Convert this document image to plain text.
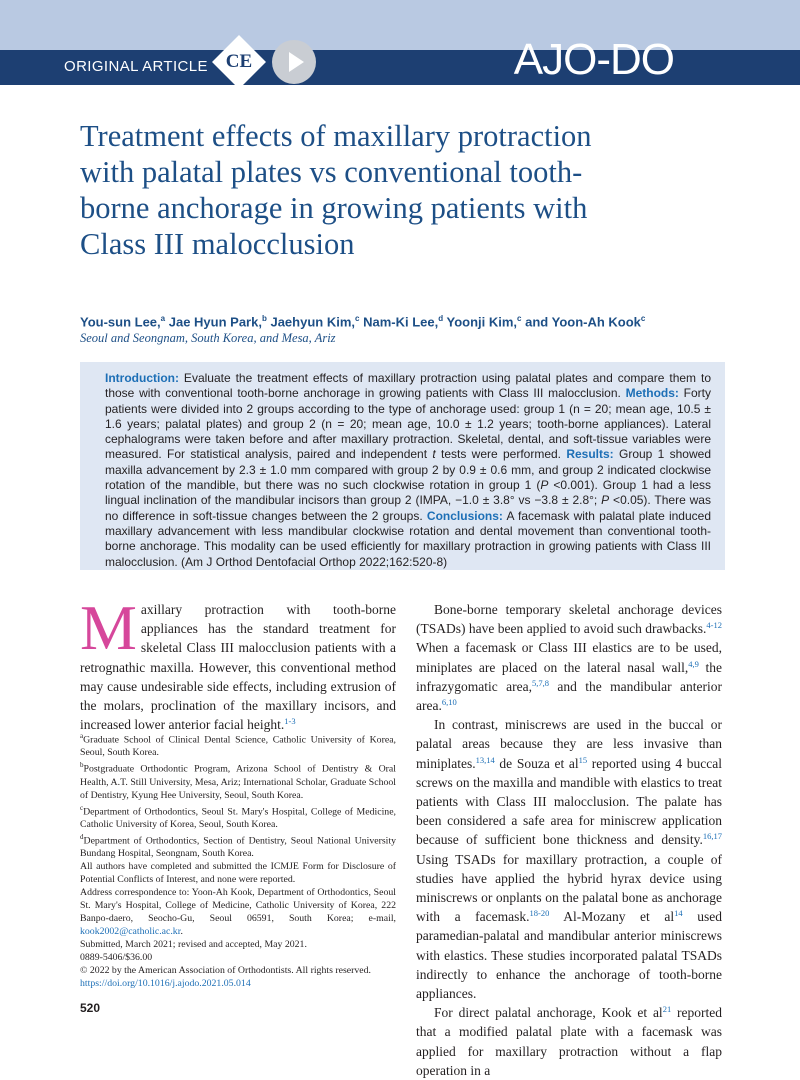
ORIGINAL ARTICLE CE	AJO-DO
Treatment effects of maxillary protraction with palatal plates vs conventional tooth-borne anchorage in growing patients with Class III malocclusion
You-sun Lee,$^a$ Jae Hyun Park,$^b$ Jaehyun Kim,$^c$ Nam-Ki Lee,$^d$ Yoonji Kim,$^c$ and Yoon-Ah Kook$^c$
Seoul and Seongnam, South Korea, and Mesa, Ariz
Introduction: Evaluate the treatment effects of maxillary protraction using palatal plates and compare them to those with conventional tooth-borne anchorage in growing patients with Class III malocclusion. Methods: Forty patients were divided into 2 groups according to the type of anchorage used: group 1 (n = 20; mean age, 10.5 ± 1.6 years; palatal plates) and group 2 (n = 20; mean age, 10.0 ± 1.2 years; tooth-borne appliances). Lateral cephalograms were taken before and after maxillary protraction. Skeletal, dental, and soft-tissue variables were measured. For statistical analysis, paired and independent t tests were performed. Results: Group 1 showed maxilla advancement by 2.3 ± 1.0 mm compared with group 2 by 0.9 ± 0.6 mm, and group 2 indicated clockwise rotation of the mandible, but there was no such clockwise rotation in group 1 (P <0.001). Group 1 had a less lingual inclination of the mandibular incisors than group 2 (IMPA, −1.0 ± 3.8° vs −3.8 ± 2.8°; P <0.05). There was no difference in soft-tissue changes between the 2 groups. Conclusions: A facemask with palatal plate induced maxillary advancement with less mandibular clockwise rotation and dental movement than conventional tooth-borne anchorage. This modality can be used efficiently for maxillary protraction in growing patients with Class III malocclusion. (Am J Orthod Dentofacial Orthop 2022;162:520-8)

Maxillary protraction with tooth-borne appliances has the standard treatment for skeletal Class III malocclusion patients with a retrognathic maxilla. However, this conventional method may cause undesirable side effects, including extrusion of the molars, proclination of the maxillary incisors, and increased lower anterior facial height.$^{1-3}$

Bone-borne temporary skeletal anchorage devices (TSADs) have been applied to avoid such drawbacks.$^{4-12}$ When a facemask or Class III elastics are to be used, miniplates are placed on the lateral nasal wall,$^{4,9}$ the infrazygomatic area,$^{5,7,8}$ and the mandibular anterior area.$^{6,10}$

In contrast, miniscrews are used in the buccal or palatal areas because they are less invasive than miniplates.$^{13,14}$ de Souza et al$^{15}$ reported using 4 buccal screws on the maxilla and mandible with elastics to treat patients with Class III malocclusion. The palate has been considered a safe area for miniscrew application because of sufficient bone thickness and density.$^{16,17}$ Using TSADs for maxillary protraction, a couple of studies have applied the hybrid hyrax device using miniscrews or onplants on the palatal bone as anchorage with a facemask.$^{18-20}$ Al-Mozany et al$^{14}$ used paramedian-palatal and mandibular anterior miniscrews with elastics. These studies incorporated palatal TSADs indirectly to enhance the anchorage of tooth-borne appliances.

For direct palatal anchorage, Kook et al$^{21}$ reported that a modified palatal plate with a facemask was applied for maxillary protraction without a flap operation in a

$^a$Graduate School of Clinical Dental Science, Catholic University of Korea, Seoul, South Korea.

$^b$Postgraduate Orthodontic Program, Arizona School of Dentistry & Oral Health, A.T. Still University, Mesa, Ariz; International Scholar, Graduate School of Dentistry, Kyung Hee University, Seoul, South Korea.

$^c$Department of Orthodontics, Seoul St. Mary's Hospital, College of Medicine, Catholic University of Korea, Seoul, South Korea.

$^d$Department of Orthodontics, Section of Dentistry, Seoul National University Bundang Hospital, Seongnam, South Korea.

All authors have completed and submitted the ICMJE Form for Disclosure of Potential Conflicts of Interest, and none were reported.

Address correspondence to: Yoon-Ah Kook, Department of Orthodontics, Seoul St. Mary's Hospital, College of Medicine, Catholic University of Korea, 222 Banpo-daero, Seocho-Gu, Seoul 06591, South Korea; e-mail, kook2002@catholic.ac.kr.

Submitted, March 2021; revised and accepted, May 2021.

0889-5406/$36.00

© 2022 by the American Association of Orthodontists. All rights reserved.

https://doi.org/10.1016/j.ajodo.2021.05.014

520
